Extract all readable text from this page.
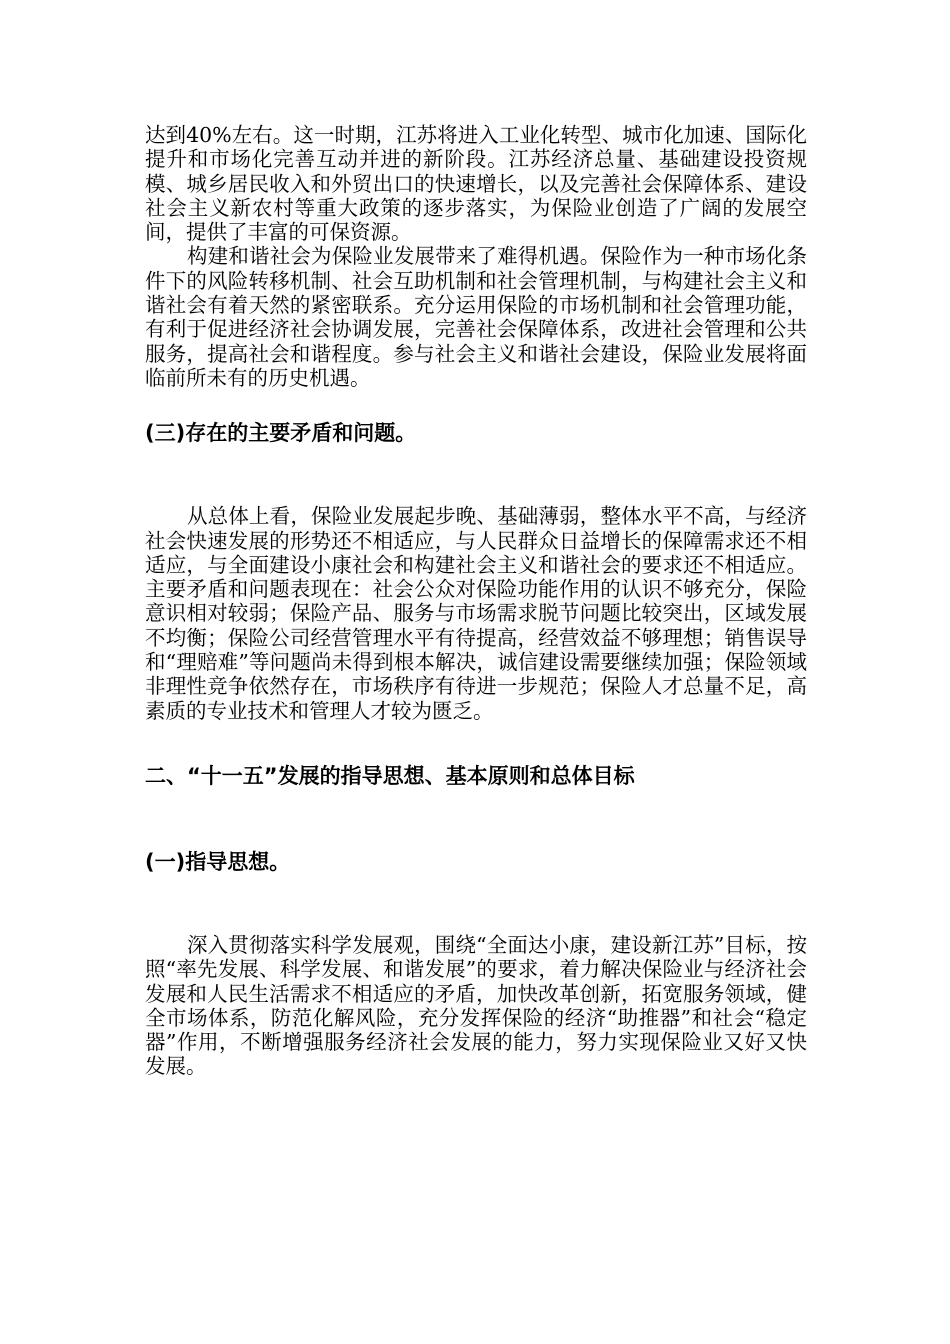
达到40%左右。这一时期，江苏将进入工业化转型、城市化加速、国际化提升和市场化完善互动并进的新阶段。江苏经济总量、基础建设投资规模、城乡居民收入和外贸出口的快速增长，以及完善社会保障体系、建设社会主义新农村等重大政策的逐步落实，为保险业创造了广阔的发展空间，提供了丰富的可保资源。

构建和谐社会为保险业发展带来了难得机遇。保险作为一种市场化条件下的风险转移机制、社会互助机制和社会管理机制，与构建社会主义和谐社会有着天然的紧密联系。充分运用保险的市场机制和社会管理功能，有利于促进经济社会协调发展，完善社会保障体系，改进社会管理和公共服务，提高社会和谐程度。参与社会主义和谐社会建设，保险业发展将面临前所未有的历史机遇。

(三)存在的主要矛盾和问题。

从总体上看，保险业发展起步晚、基础薄弱，整体水平不高，与经济社会快速发展的形势还不相适应，与人民群众日益增长的保障需求还不相适应，与全面建设小康社会和构建社会主义和谐社会的要求还不相适应。主要矛盾和问题表现在：社会公众对保险功能作用的认识不够充分，保险意识相对较弱；保险产品、服务与市场需求脱节问题比较突出，区域发展不均衡；保险公司经营管理水平有待提高，经营效益不够理想；销售误导和“理赔难”等问题尚未得到根本解决，诚信建设需要继续加强；保险领域非理性竞争依然存在，市场秩序有待进一步规范；保险人才总量不足，高素质的专业技术和管理人才较为匮乏。

二、“十一五”发展的指导思想、基本原则和总体目标
(一)指导思想。

深入贯彻落实科学发展观，围绕“全面达小康，建设新江苏”目标，按照“率先发展、科学发展、和谐发展”的要求，着力解决保险业与经济社会发展和人民生活需求不相适应的矛盾，加快改革创新，拓宽服务领域，健全市场体系，防范化解风险，充分发挥保险的经济“助推器”和社会“稳定器”作用，不断增强服务经济社会发展的能力，努力实现保险业又好又快发展。
